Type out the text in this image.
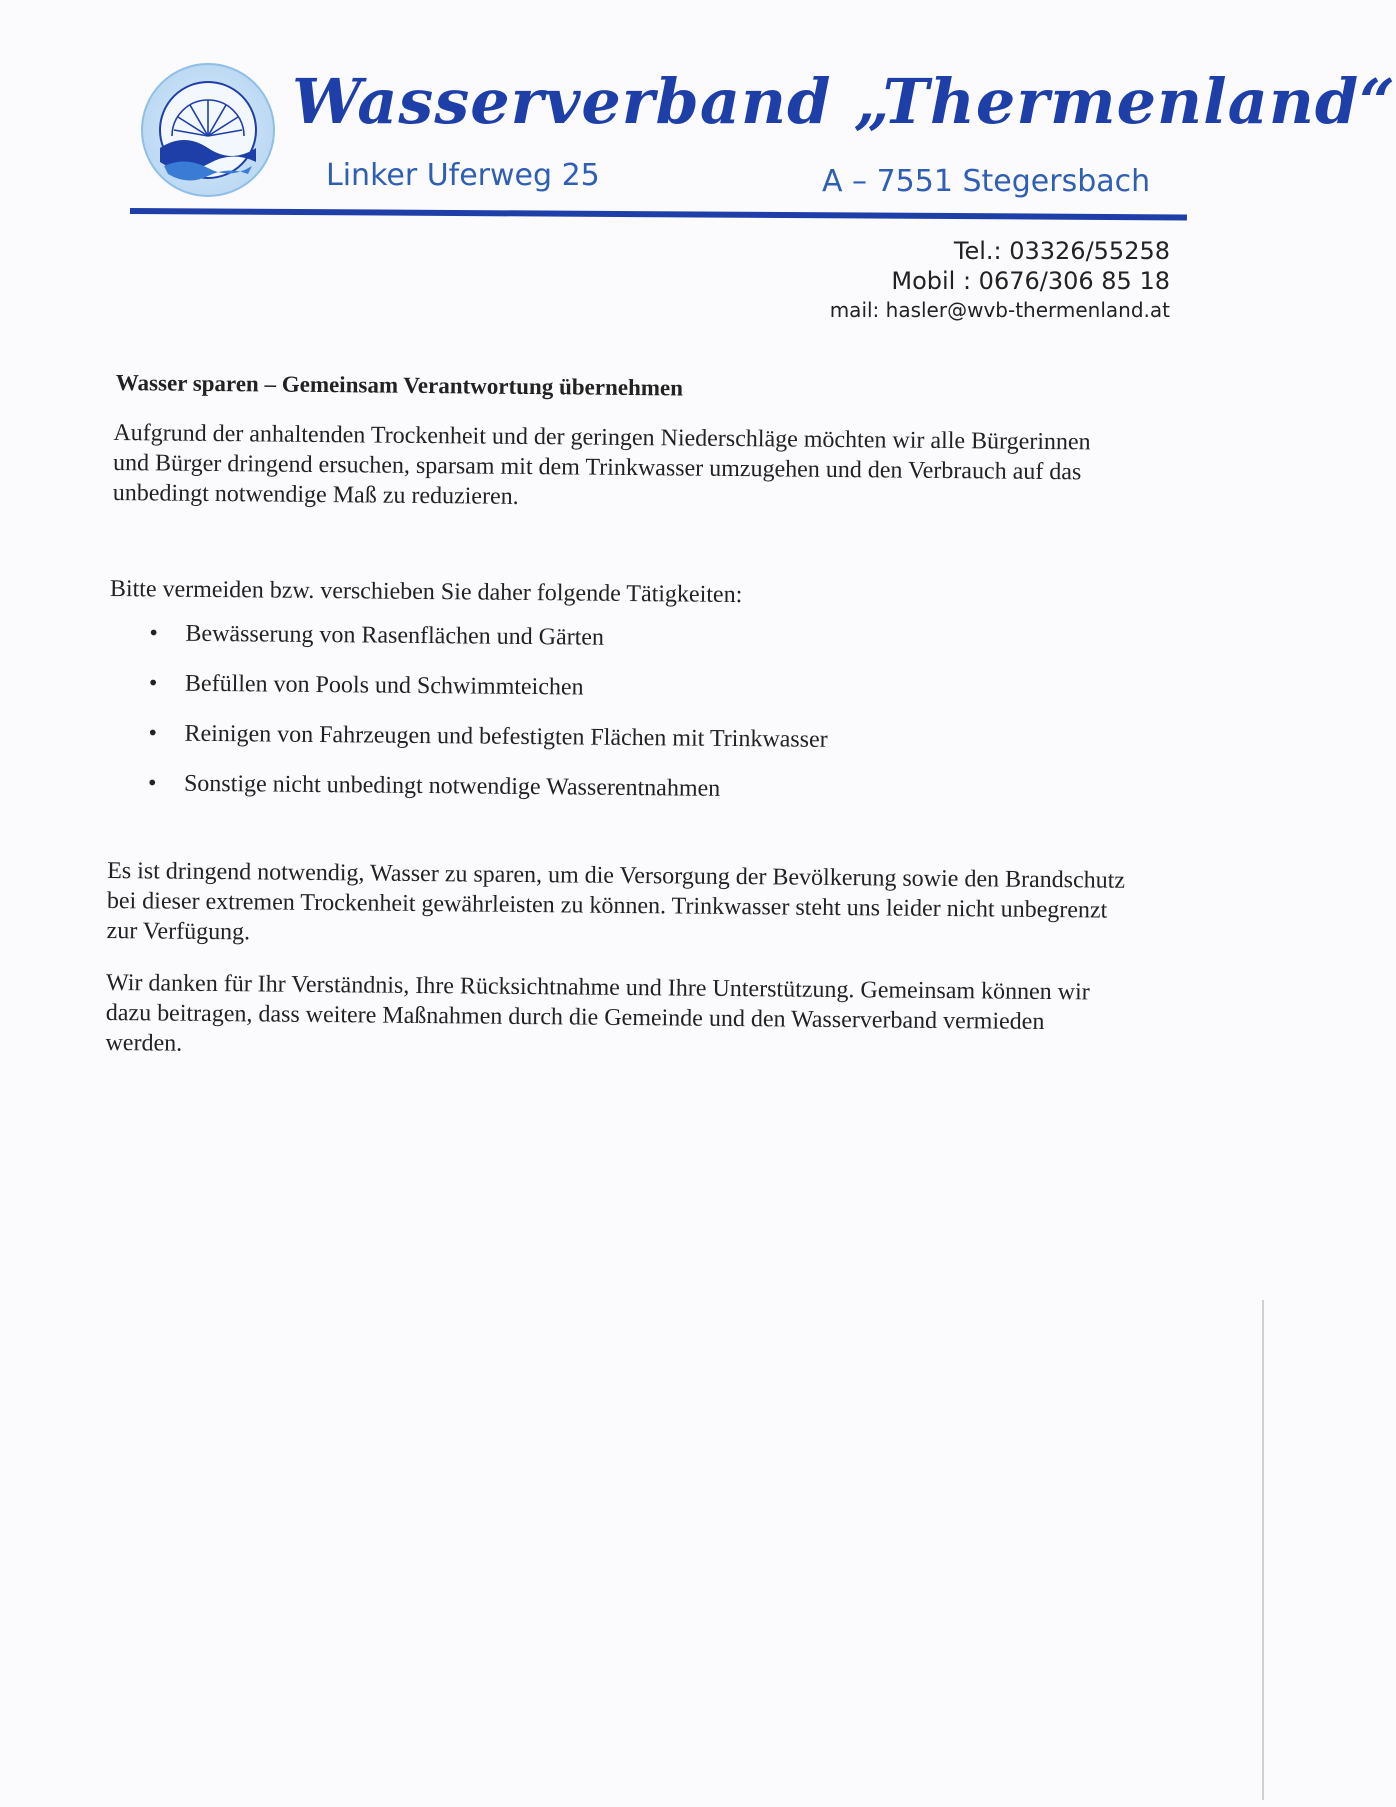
Wasserverband „Thermenland“
Linker Uferweg 25	A – 7551 Stegersbach
Tel.: 03326/55258
Mobil : 0676/306 85 18
mail: hasler@wvb-thermenland.at
Wasser sparen – Gemeinsam Verantwortung übernehmen

Aufgrund der anhaltenden Trockenheit und der geringen Niederschläge möchten wir alle Bürgerinnen und Bürger dringend ersuchen, sparsam mit dem Trinkwasser umzugehen und den Verbrauch auf das unbedingt notwendige Maß zu reduzieren.

Bitte vermeiden bzw. verschieben Sie daher folgende Tätigkeiten:

• Bewässerung von Rasenflächen und Gärten
• Befüllen von Pools und Schwimmteichen
• Reinigen von Fahrzeugen und befestigten Flächen mit Trinkwasser
• Sonstige nicht unbedingt notwendige Wasserentnahmen

Es ist dringend notwendig, Wasser zu sparen, um die Versorgung der Bevölkerung sowie den Brandschutz bei dieser extremen Trockenheit gewährleisten zu können. Trinkwasser steht uns leider nicht unbegrenzt zur Verfügung.

Wir danken für Ihr Verständnis, Ihre Rücksichtnahme und Ihre Unterstützung. Gemeinsam können wir dazu beitragen, dass weitere Maßnahmen durch die Gemeinde und den Wasserverband vermieden werden.
